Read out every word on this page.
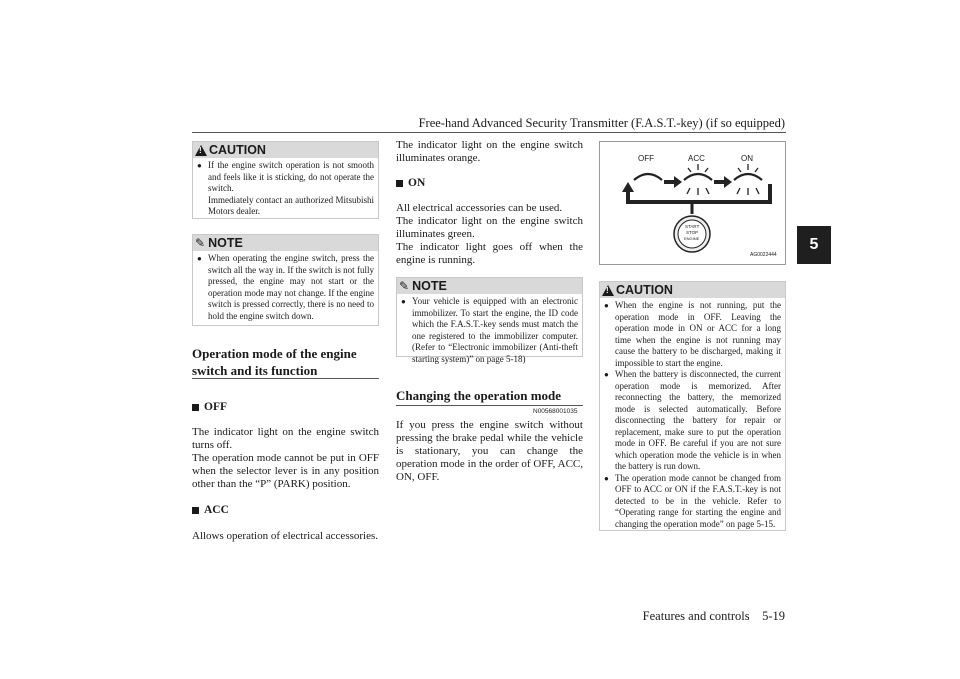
Free-hand Advanced Security Transmitter (F.A.S.T.-key) (if so equipped)
5
Features and controls    5-19
!
CAUTION
● If the engine switch operation is not smooth and feels like it is sticking, do not operate the switch.
Immediately contact an authorized Mitsubishi Motors dealer.
✎ NOTE
● When operating the engine switch, press the switch all the way in. If the switch is not fully pressed, the engine may not start or the operation mode may not change. If the engine switch is pressed correctly, there is no need to hold the engine switch down.
Operation mode of the engine switch and its function
OFF
The indicator light on the engine switch turns off.
The operation mode cannot be put in OFF when the selector lever is in any position other than the “P” (PARK) position.
ACC
Allows operation of electrical accessories.
The indicator light on the engine switch illuminates orange.
ON
All electrical accessories can be used.
The indicator light on the engine switch illuminates green.
The indicator light goes off when the engine is running.
✎ NOTE
● Your vehicle is equipped with an electronic immobilizer. To start the engine, the ID code which the F.A.S.T.-key sends must match the one registered to the immobilizer computer. (Refer to “Electronic immobilizer (Anti-theft starting system)” on page 5-18)
Changing the operation mode
N00568001035
If you press the engine switch without pressing the brake pedal while the vehicle is stationary, you can change the operation mode in the order of OFF, ACC, ON, OFF.
OFF	ACC	ON
START
STOP
ENGINE
AG0022444
!
CAUTION
● When the engine is not running, put the operation mode in OFF. Leaving the operation mode in ON or ACC for a long time when the engine is not running may cause the battery to be discharged, making it impossible to start the engine.
● When the battery is disconnected, the current operation mode is memorized. After reconnecting the battery, the memorized mode is selected automatically. Before disconnecting the battery for repair or replacement, make sure to put the operation mode in OFF. Be careful if you are not sure which operation mode the vehicle is in when the battery is run down.
● The operation mode cannot be changed from OFF to ACC or ON if the F.A.S.T.-key is not detected to be in the vehicle. Refer to “Operating range for starting the engine and changing the operation mode” on page 5-15.
